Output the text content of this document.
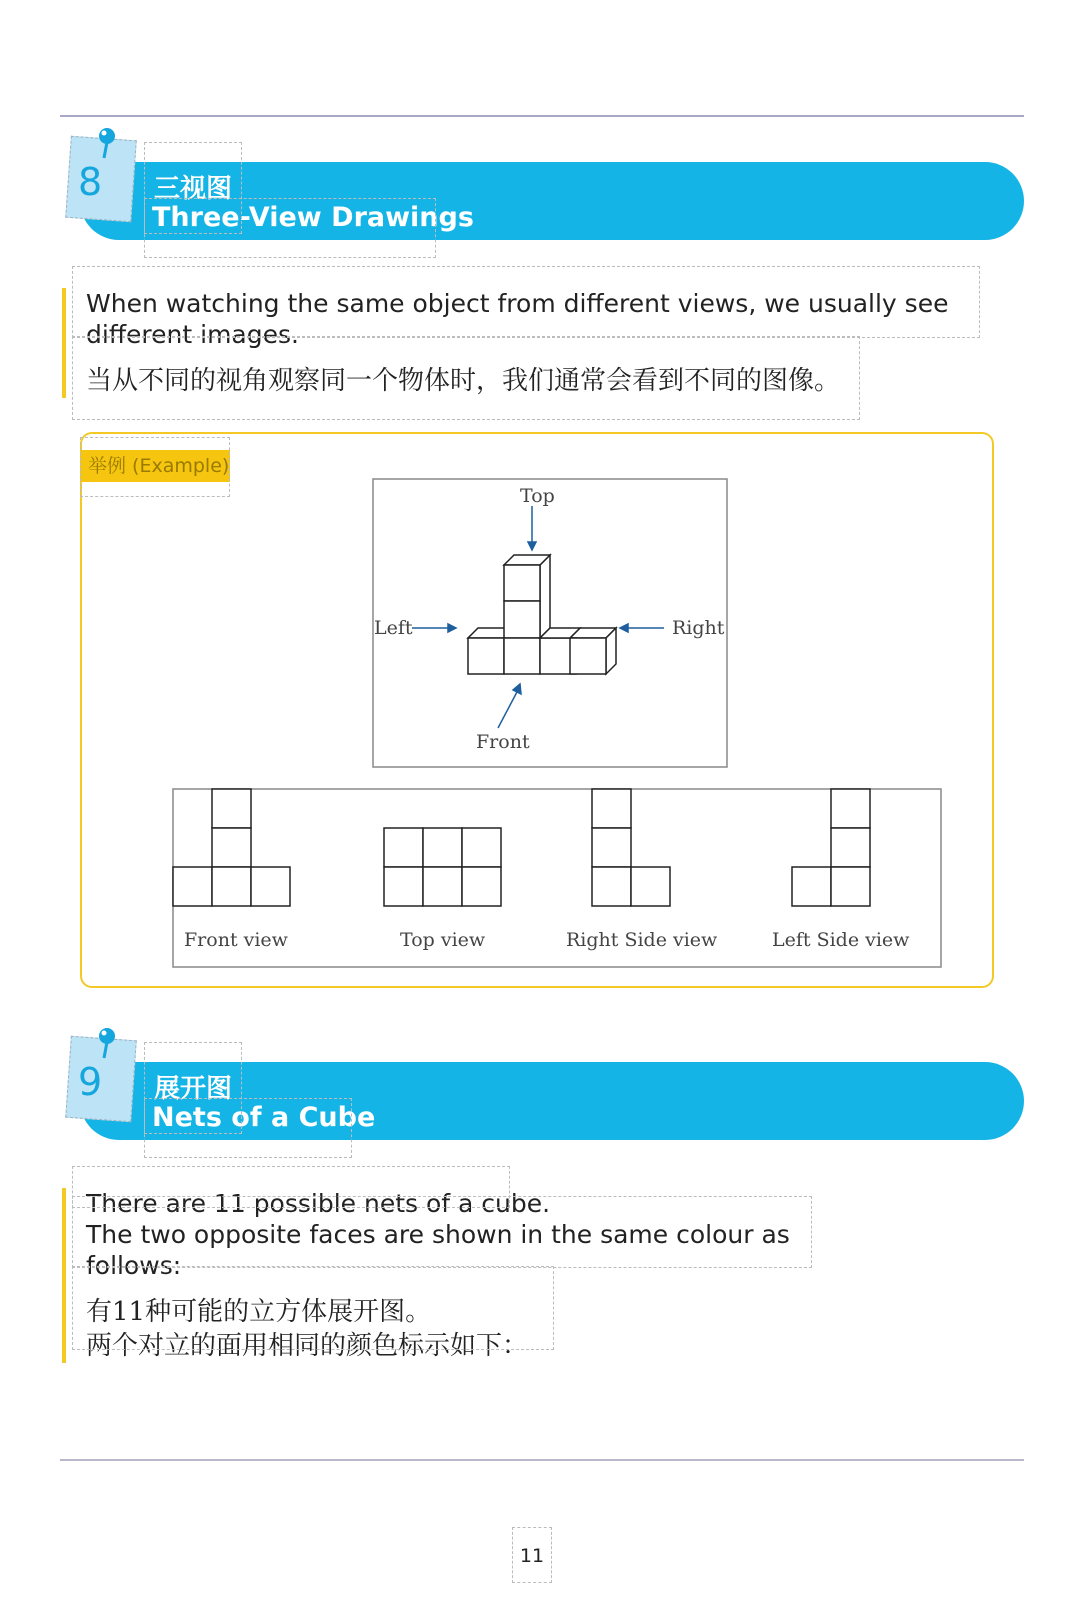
8 三视图
Three-View Drawings
When watching the same object from different views, we usually see different images.
当从不同的视角观察同一个物体时，我们通常会看到不同的图像。
举例 (Example)
Top
Left	Right
Front
Front view	Top view	Right Side view	Left Side view
9 展开图
Nets of a Cube
There are 11 possible nets of a cube.
The two opposite faces are shown in the same colour as follows:
有11种可能的立方体展开图。
两个对立的面用相同的颜色标示如下：
11
